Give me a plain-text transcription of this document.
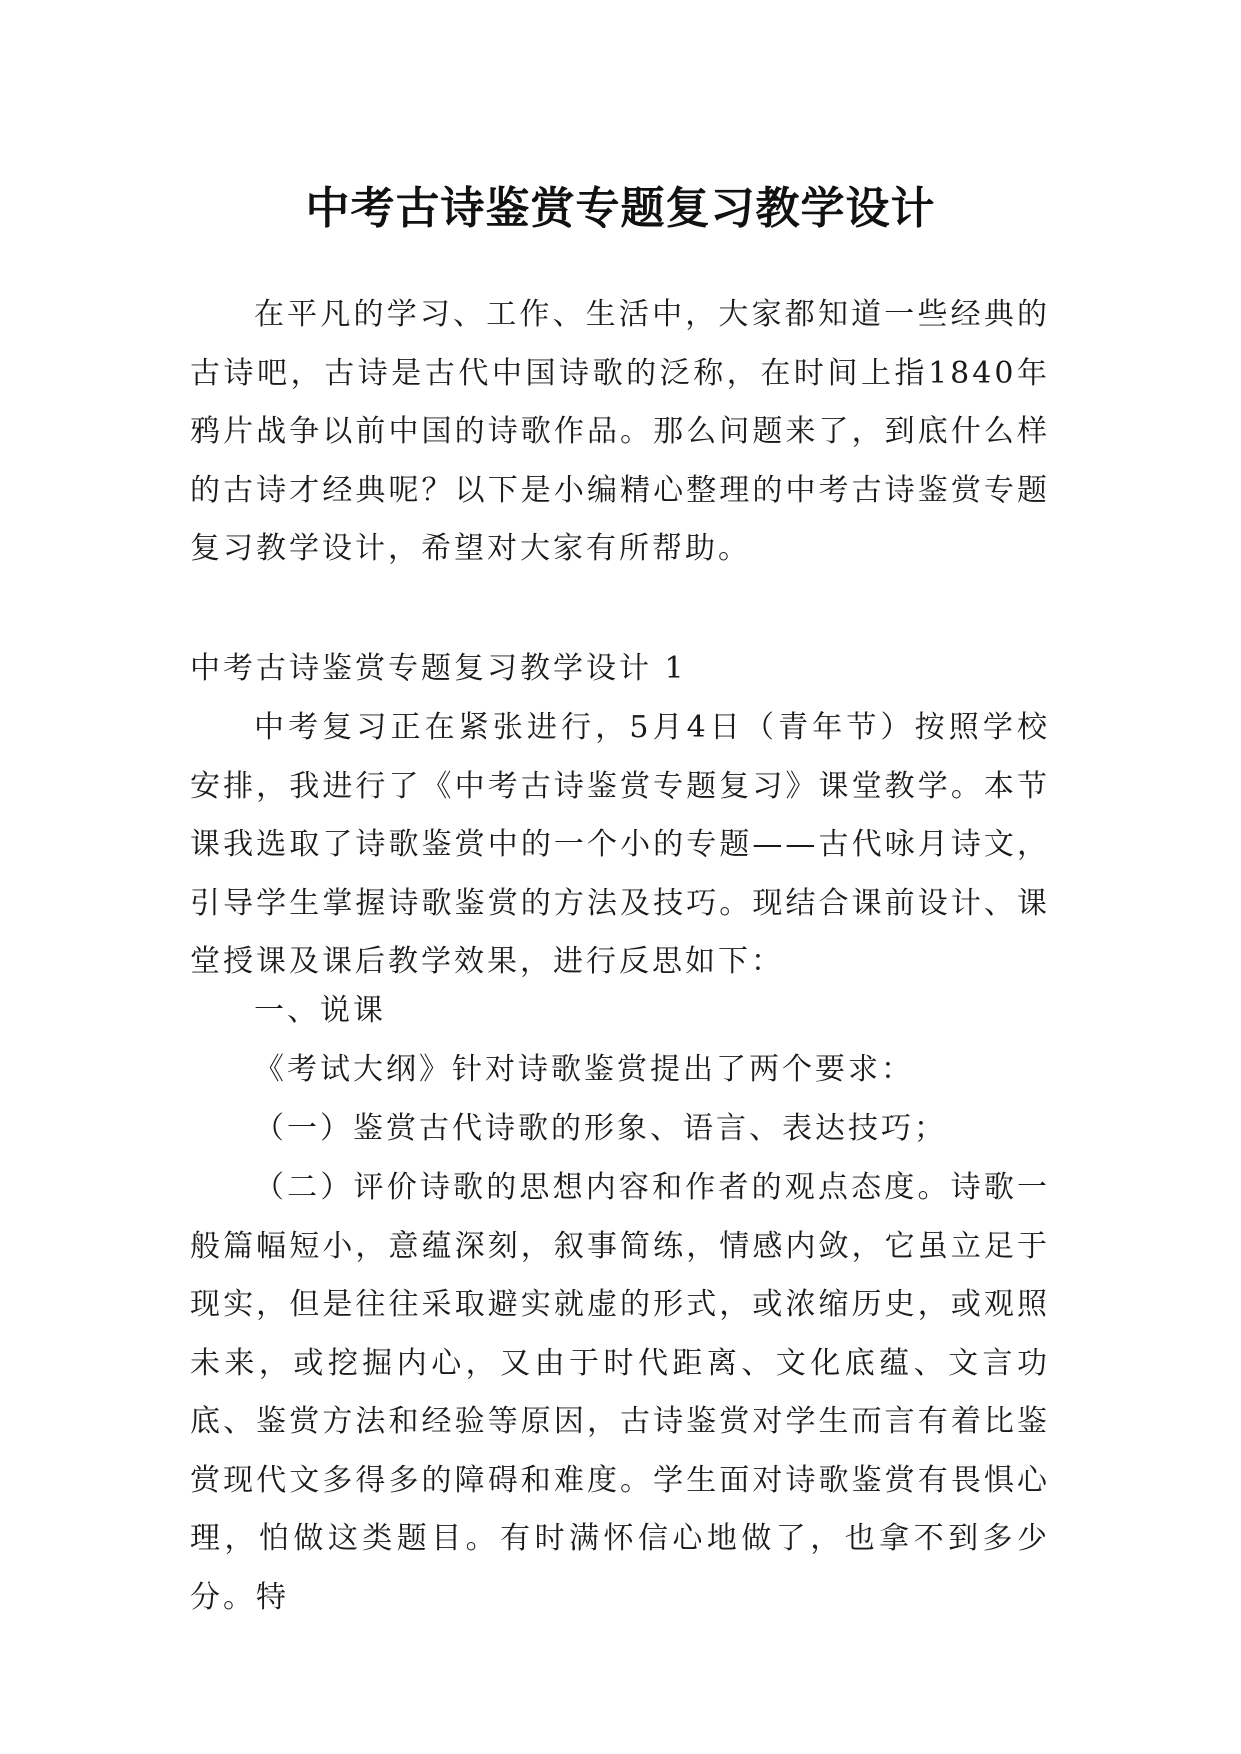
中考古诗鉴赏专题复习教学设计

在平凡的学习、工作、生活中，大家都知道一些经典的古诗吧，古诗是古代中国诗歌的泛称，在时间上指1840年鸦片战争以前中国的诗歌作品。那么问题来了，到底什么样的古诗才经典呢？以下是小编精心整理的中考古诗鉴赏专题复习教学设计，希望对大家有所帮助。

中考古诗鉴赏专题复习教学设计 1

中考复习正在紧张进行，5月4日（青年节）按照学校安排，我进行了《中考古诗鉴赏专题复习》课堂教学。本节课我选取了诗歌鉴赏中的一个小的专题——古代咏月诗文，引导学生掌握诗歌鉴赏的方法及技巧。现结合课前设计、课堂授课及课后教学效果，进行反思如下：

一、说课

《考试大纲》针对诗歌鉴赏提出了两个要求：

（一）鉴赏古代诗歌的形象、语言、表达技巧；

（二）评价诗歌的思想内容和作者的观点态度。诗歌一般篇幅短小，意蕴深刻，叙事简练，情感内敛，它虽立足于现实，但是往往采取避实就虚的形式，或浓缩历史，或观照未来，或挖掘内心，又由于时代距离、文化底蕴、文言功底、鉴赏方法和经验等原因，古诗鉴赏对学生而言有着比鉴赏现代文多得多的障碍和难度。学生面对诗歌鉴赏有畏惧心理，怕做这类题目。有时满怀信心地做了，也拿不到多少分。特
